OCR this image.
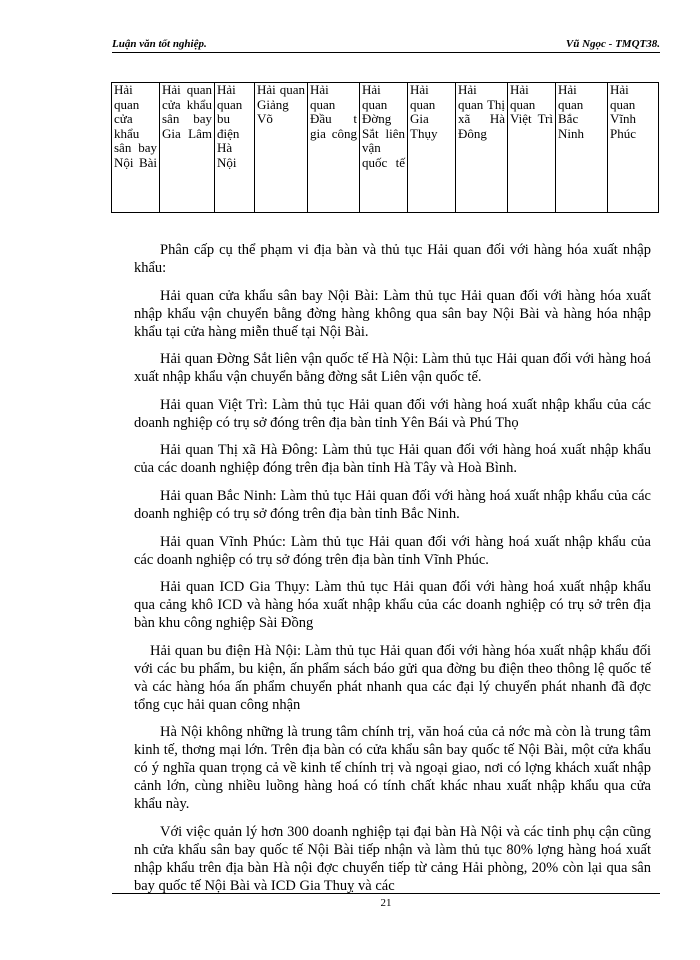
Luận văn tốt nghiệp.	Vũ Ngọc - TMQT38.
Hải quan cửa khẩu sân bay Nội Bài	Hải quan cửa khẩu sân bay Gia Lâm	Hải quan bu điện Hà Nội	Hải quan Giảng Võ	Hải quan Đầu t gia công	Hải quan Đờng Sắt liên vận quốc tế	Hải quan Gia Thụy	Hải quan Thị xã Hà Đông	Hải quan Việt Trì	Hải quan Bắc Ninh	Hải quan Vĩnh Phúc

Phân cấp cụ thể phạm vi địa bàn và thủ tục Hải quan đối với hàng hóa xuất nhập khẩu:

Hải quan cửa khẩu sân bay Nội Bài: Làm thủ tục Hải quan đối với hàng hóa xuất nhập khẩu vận chuyển bằng đờng hàng không qua sân bay Nội Bài và hàng hóa nhập khẩu tại cửa hàng miễn thuế tại Nội Bài.

Hải quan Đờng Sắt liên vận quốc tế Hà Nội: Làm thủ tục Hải quan đối với hàng hoá xuất nhập khẩu vận chuyển bằng đờng sắt Liên vận quốc tế.

Hải quan Việt Trì: Làm thủ tục Hải quan đối với hàng hoá xuất nhập khẩu của các doanh nghiệp có trụ sở đóng trên địa bàn tỉnh Yên Bái và Phú Thọ

Hải quan Thị xã Hà Đông: Làm thủ tục Hải quan đối với hàng hoá xuất nhập khẩu của các doanh nghiệp đóng trên địa bàn tỉnh Hà Tây và Hoà Bình.

Hải quan Bắc Ninh: Làm thủ tục Hải quan đối với hàng hoá xuất nhập khẩu của các doanh nghiệp có trụ sở đóng trên địa bàn tỉnh Bắc Ninh.

Hải quan Vĩnh Phúc: Làm thủ tục Hải quan đối với hàng hoá xuất nhập khẩu của các doanh nghiệp có trụ sở đóng trên địa bàn tỉnh Vĩnh Phúc.

Hải quan ICD Gia Thụy: Làm thủ tục Hải quan đối với hàng hoá xuất nhập khẩu qua cảng khô ICD và hàng hóa xuất nhập khẩu của các doanh nghiệp có trụ sở trên địa bàn khu công nghiệp Sài Đồng

Hải quan bu điện Hà Nội: Làm thủ tục Hải quan đối với hàng hóa xuất nhập khẩu đối với các bu phẩm, bu kiện, ấn phẩm sách báo gửi qua đờng bu điện theo thông lệ quốc tế và các hàng hóa ấn phẩm chuyển phát nhanh qua các đại lý chuyển phát nhanh đã đợc tổng cục hải quan công nhận

Hà Nội không những là trung tâm chính trị, văn hoá của cả nớc mà còn là trung tâm kinh tế, thơng mại lớn. Trên địa bàn có cửa khẩu sân bay quốc tế Nội Bài, một cửa khẩu có ý nghĩa quan trọng cả về kinh tế chính trị và ngoại giao, nơi có lợng khách xuất nhập cảnh lớn, cùng nhiều luồng hàng hoá có tính chất khác nhau xuất nhập khẩu qua cửa khẩu này.

Với việc quản lý hơn 300 doanh nghiệp tại đại bàn Hà Nội và các tỉnh phụ cận cũng nh cửa khẩu sân bay quốc tế Nội Bài tiếp nhận và làm thủ tục 80% lợng hàng hoá xuất nhập khẩu trên địa bàn Hà nội đợc chuyển tiếp từ cảng Hải phòng, 20% còn lại qua sân bay quốc tế Nội Bài và ICD Gia Thuỵ và các

21
